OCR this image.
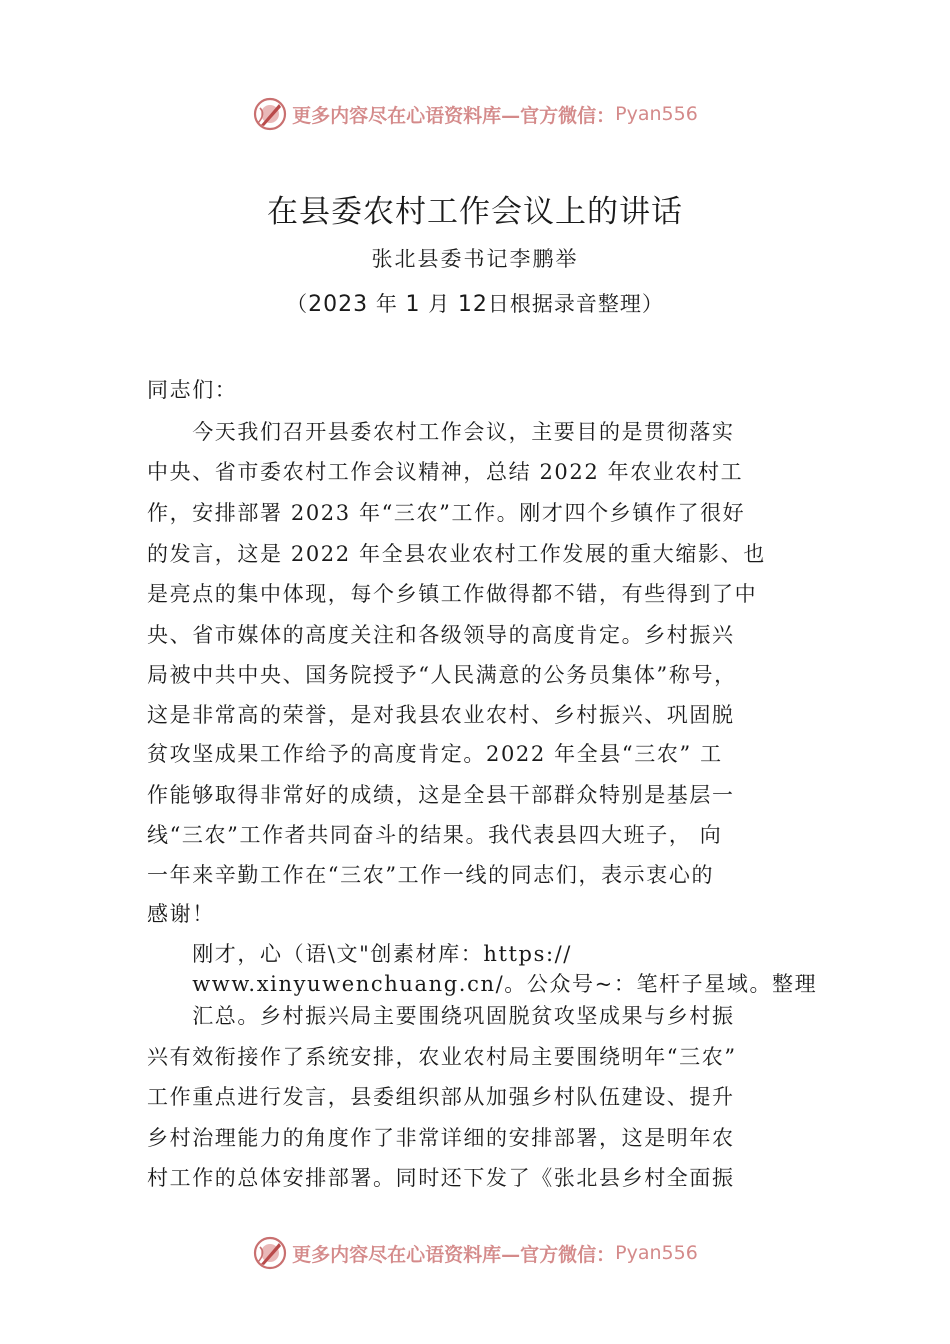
更多内容尽在心语资料库—官方微信： Pyan556
在县委农村工作会议上的讲话
张北县委书记李鹏举
（2023 年 1 月 12日根据录音整理）
同志们：
　　今天我们召开县委农村工作会议，主要目的是贯彻落实
中央、省市委农村工作会议精神，总结 2022 年农业农村工
作，安排部署 2023 年“三农”工作。刚才四个乡镇作了很好
的发言，这是 2022 年全县农业农村工作发展的重大缩影、也
是亮点的集中体现，每个乡镇工作做得都不错，有些得到了中
央、省市媒体的高度关注和各级领导的高度肯定。乡村振兴
局被中共中央、国务院授予“人民满意的公务员集体”称号，
这是非常高的荣誉，是对我县农业农村、乡村振兴、巩固脱
贫攻坚成果工作给予的高度肯定。2022 年全县“三农” 工
作能够取得非常好的成绩，这是全县干部群众特别是基层一
线“三农”工作者共同奋斗的结果。我代表县四大班子， 向
一年来辛勤工作在“三农”工作一线的同志们，表示衷心的
感谢！
　　刚才，心（语\文"创素材库：https://
　　www.xinyuwenchuang.cn/。公众号~：笔杆子星域。整理
　　汇总。乡村振兴局主要围绕巩固脱贫攻坚成果与乡村振
兴有效衔接作了系统安排，农业农村局主要围绕明年“三农”
工作重点进行发言，县委组织部从加强乡村队伍建设、提升
乡村治理能力的角度作了非常详细的安排部署，这是明年农
村工作的总体安排部署。同时还下发了《张北县乡村全面振
更多内容尽在心语资料库—官方微信： Pyan556
